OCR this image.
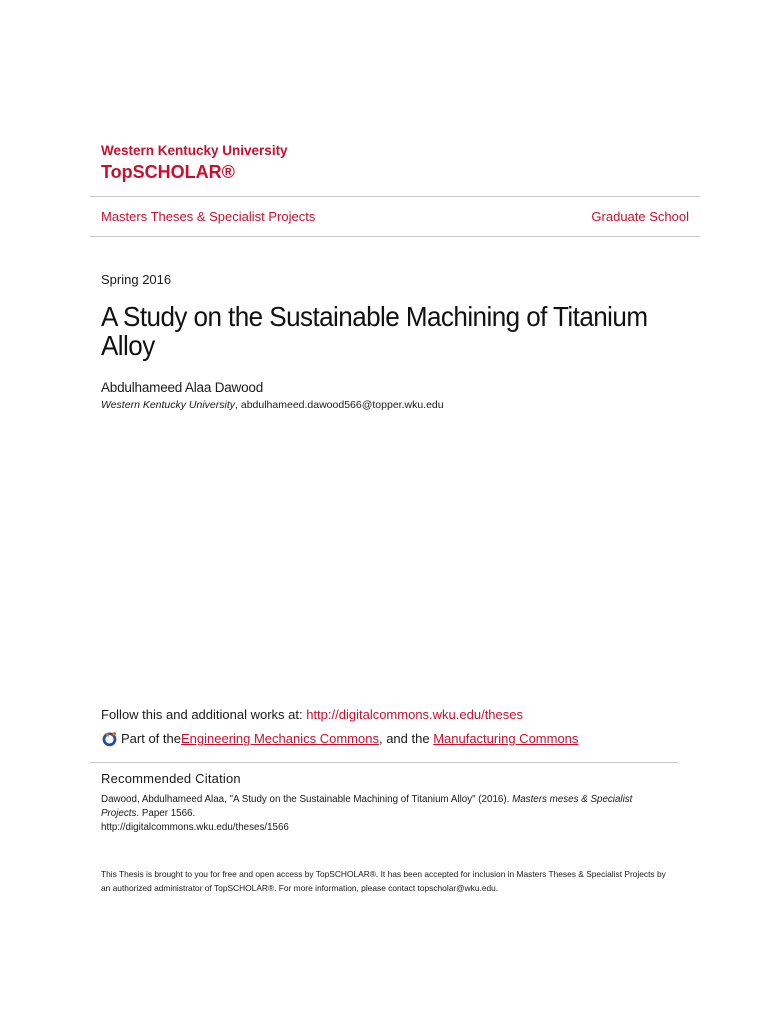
Western Kentucky University
TopSCHOLAR®
Masters Theses & Specialist Projects	Graduate School
Spring 2016
A Study on the Sustainable Machining of Titanium Alloy
Abdulhameed Alaa Dawood
Western Kentucky University, abdulhameed.dawood566@topper.wku.edu
Follow this and additional works at: http://digitalcommons.wku.edu/theses
Part of the Engineering Mechanics Commons , and the Manufacturing Commons
Recommended Citation
Dawood, Abdulhameed Alaa, "A Study on the Sustainable Machining of Titanium Alloy" (2016). Masters meses & Specialist Projects. Paper 1566.
http://digitalcommons.wku.edu/theses/1566
This Thesis is brought to you for free and open access by TopSCHOLAR®. It has been accepted for inclusion in Masters Theses & Specialist Projects by an authorized administrator of TopSCHOLAR®. For more information, please contact topscholar@wku.edu.
